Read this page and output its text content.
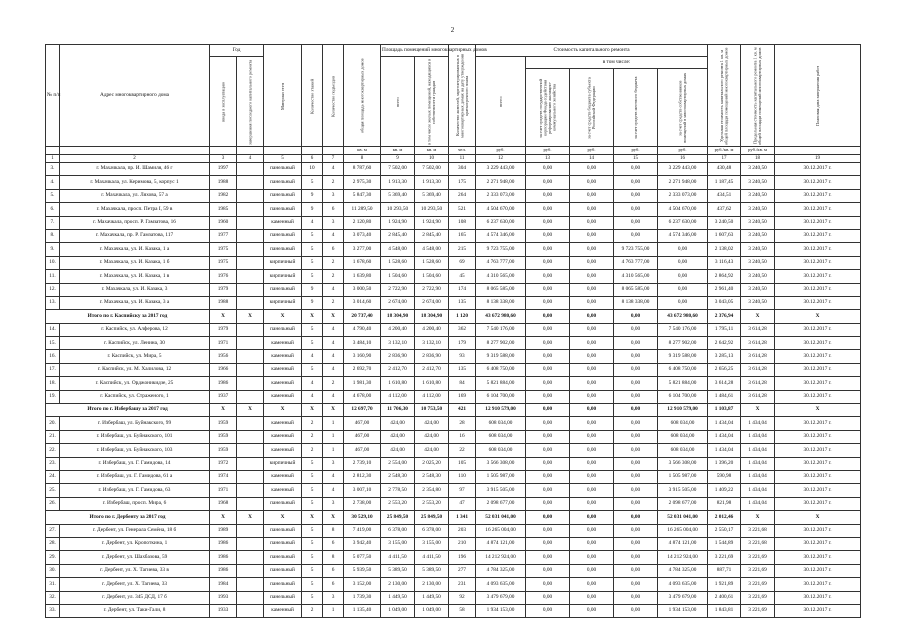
2
№ п/п	Адрес многоквартирного дома	Год		Материал стен	Количество этажей	Количество подъездов	общая площадь многоквартирных домов	Площадь помещений многоквартирных домов		Количество жителей, зарегистрированных в многоквартирных домах на дату утверждения краткосрочного плана	Стоимость капитального ремонта					Удельная стоимость капитального ремонта 1 кв. м общей площади помещений многоквартирных домов	Предельная стоимость капитального ремонта 1 кв. м общей площади помещений многоквартирных домов	Плановая дата завершения работ
		ввода в эксплуатацию	завершения последнего капитального ремонта					всего	в том числе жилых помещений, находящихся в собственности граждан		всего:	в том числе:						
												за счет средств государственной корпорации Фонда содействия реформированию жилищно-коммунального хозяйства	за счет средств бюджета субъекта Российской Федерации	за счет средств местного бюджета	за счет средств собственников помещений в многоквартирных домах			
							кв. м	кв. м	кв. м	чел.	руб.	руб.	руб.	руб.	руб.	руб./кв. м	руб./кв. м	
1	2	3	4	5	6	7	8	9	10	11	12	13	14	15	16	17	18	19
3.	г. Махачкала, пр. И. Шамиля, 46 г	1997		панельный	10	4	8 787,60	7 502,00	7 502,00	304	3 229 443,00	0,00	0,00	0,00	3 229 443,00	430,48	3 240,50	30.12.2017 г.
4.	г. Махачкала, ул. Керимова, 5, корпус 1	1988		панельный	5	2	2 975,30	1 913,30	1 913,30	175	2 271 948,00	0,00	0,00	0,00	2 271 948,00	1 187,45	3 240,50	30.12.2017 г.
5.	г. Махачкала, ул. Ляхова, 57 а	1982		панельный	9	3	5 847,30	5 369,40	5 369,40	264	2 333 073,00	0,00	0,00	0,00	2 333 073,00	434,51	3 240,50	30.12.2017 г.
6.	г. Махачкала, просп. Петра I, 59 в	1985		панельный	9	6	11 289,50	10 293,50	10 293,50	521	4 504 670,00	0,00	0,00	0,00	4 504 670,00	437,62	3 240,50	30.12.2017 г.
7.	г. Махачкала, просп. Р. Гамзатова, 16	1960		каменный	4	3	2 120,80	1 924,90	1 924,90	108	6 237 630,00	0,00	0,00	0,00	6 237 630,00	3 240,50	3 240,50	30.12.2017 г.
8.	г. Махачкала, пр. Р. Гамзатова, 117	1977		панельный	5	4	3 073,40	2 845,40	2 845,40	165	4 574 346,00	0,00	0,00	0,00	4 574 346,00	1 607,63	3 240,50	30.12.2017 г.
9.	г. Махачкала, ул. И. Казака, 1 а	1975		панельный	5	6	3 277,00	4 548,00	4 548,00	215	9 723 755,00	0,00	0,00	9 723 755,00	0,00	2 138,02	3 240,50	30.12.2017 г.
10.	г. Махачкала, ул. И. Казака, 1 б	1975		кирпичный	5	2	1 678,60	1 528,60	1 528,60	69	4 763 777,00	0,00	0,00	4 763 777,00	0,00	3 116,43	3 240,50	30.12.2017 г.
11.	г. Махачкала, ул. И. Казака, 1 в	1976		кирпичный	5	2	1 639,80	1 504,60	1 504,60	45	4 310 565,00	0,00	0,00	4 310 565,00	0,00	2 864,92	3 240,50	30.12.2017 г.
12.	г. Махачкала, ул. И. Казака, 3	1979		панельный	9	4	3 000,50	2 722,90	2 722,90	174	8 065 585,00	0,00	0,00	8 065 585,00	0,00	2 961,40	3 240,50	30.12.2017 г.
13.	г. Махачкала, ул. И. Казака, 3 а	1988		кирпичный	9	2	3 014,60	2 674,00	2 674,00	135	8 138 338,00	0,00	0,00	8 138 338,00	0,00	3 043,05	3 240,50	30.12.2017 г.
Итого по г. Каспийску за 2017 год		X	X	X	X	X	20 737,40	18 304,90	18 304,90	1 120	43 672 980,60	0,00	0,00	0,00	43 672 980,60	2 376,94	X	X
14.	г. Каспийск, ул. Алферова, 12	1979		панельный	5	4	4 790,40	4 200,40	4 200,40	362	7 540 176,00	0,00	0,00	0,00	7 540 176,00	1 795,11	3 614,28	30.12.2017 г.
15.	г. Каспийск, ул. Ленина, 30	1971		каменный	5	4	3 484,10	3 132,10	3 132,10	179	8 277 902,00	0,00	0,00	0,00	8 277 902,00	2 642,92	3 614,28	30.12.2017 г.
16.	г. Каспийск, ул. Мира, 5	1956		каменный	4	4	3 160,90	2 836,90	2 836,90	93	9 319 588,00	0,00	0,00	0,00	9 319 588,00	3 285,13	3 614,28	30.12.2017 г.
17.	г. Каспийск, ул. М. Халилова, 12	1966		каменный	5	4	2 692,70	2 412,70	2 412,70	135	6 408 750,00	0,00	0,00	0,00	6 408 750,00	2 656,25	3 614,28	30.12.2017 г.
18.	г. Каспийск, ул. Орджоникидзе, 25	1986		каменный	4	2	1 981,30	1 610,80	1 610,80	84	5 821 884,00	0,00	0,00	0,00	5 821 884,00	3 614,28	3 614,28	30.12.2017 г.
19.	г. Каспийск, ул. Страженого, 1	1937		каменный	4	4	4 678,00	4 112,00	4 112,00	169	6 104 700,00	0,00	0,00	0,00	6 104 700,00	1 484,61	3 614,28	30.12.2017 г.
Итого по г. Избербашу за 2017 год		X	X	X	X	X	12 697,70	11 706,30	10 753,50	421	12 910 579,00	0,00	0,00	0,00	12 910 579,00	1 103,87	X	X
20.	г. Избербаш, ул. Буйнакского, 99	1959		каменный	2	1	467,00	424,00	424,00	28	608 034,00	0,00	0,00	0,00	608 034,00	1 434,04	1 434,04	30.12.2017 г.
21.	г. Избербаш, ул. Буйнакского, 101	1959		каменный	2	1	467,00	424,00	424,00	16	608 034,00	0,00	0,00	0,00	608 034,00	1 434,04	1 434,04	30.12.2017 г.
22.	г. Избербаш, ул. Буйнакского, 103	1959		каменный	2	1	467,00	424,00	424,00	22	608 034,00	0,00	0,00	0,00	608 034,00	1 434,04	1 434,04	30.12.2017 г.
23.	г. Избербаш, ул. Г. Гамидова, 14	1972		кирпичный	5	3	2 739,10	2 554,00	2 025,20	105	3 566 308,00	0,00	0,00	0,00	3 566 308,00	1 396,20	1 434,04	30.12.2017 г.
24.	г. Избербаш, ул. Г. Гамидова, 61 а	1974		каменный	5	4	2 812,30	2 548,30	2 548,30	110	1 505 987,00	0,00	0,00	0,00	1 505 987,00	590,98	1 434,04	30.12.2017 г.
25.	г. Избербаш, ул. Г. Гамидова, 63	1971		каменный	5	4	3 007,10	2 778,50	2 354,80	97	3 915 505,00	0,00	0,00	0,00	3 915 505,00	1 409,22	1 434,04	30.12.2017 г.
26.	г. Избербаш, просп. Мира, 6	1968		панельный	5	3	2 738,00	2 553,20	2 553,20	47	2 098 677,00	0,00	0,00	0,00	2 098 677,00	821,98	1 434,04	30.12.2017 г.
Итого по г. Дербенту за 2017 год		X	X	X	X	X	30 529,10	25 849,50	25 849,50	1 341	52 031 041,00	0,00	0,00	0,00	52 031 041,00	2 012,46	X	X
27.	г. Дербент, ул. Генерала Семёна, 18 б	1989		панельный	5	8	7 419,00	6 378,00	6 378,00	203	16 265 004,00	0,00	0,00	0,00	16 265 004,00	2 550,17	3 221,68	30.12.2017 г.
28.	г. Дербент, ул. Кропоткина, 1	1986		панельный	5	6	3 942,40	3 155,00	3 155,00	210	4 874 121,00	0,00	0,00	0,00	4 874 121,00	1 544,89	3 221,68	30.12.2017 г.
29.	г. Дербент, ул. Шахбазова, 59	1986		панельный	5	8	5 077,50	4 411,50	4 411,50	196	14 212 924,00	0,00	0,00	0,00	14 212 924,00	3 221,69	3 221,69	30.12.2017 г.
30.	г. Дербент, ул. Х. Тагиева, 33 в	1986		панельный	5	6	5 939,50	5 389,50	5 389,50	277	4 784 325,00	0,00	0,00	0,00	4 784 325,00	887,71	3 221,69	30.12.2017 г.
31.	г. Дербент, ул. Х. Тагиева, 33	1984		панельный	5	6	3 152,00	2 130,00	2 130,00	231	4 093 635,00	0,00	0,00	0,00	4 093 635,00	1 921,89	3 221,69	30.12.2017 г.
32.	г. Дербент, ул. 345 ДСД, 17 б	1993		панельный	5	3	1 739,30	1 449,50	1 449,50	92	3 479 679,00	0,00	0,00	0,00	3 479 679,00	2 400,61	3 221,69	30.12.2017 г.
33.	г. Дербент, ул. Таки-Гали, 8	1933		каменный	2	1	1 135,40	1 049,00	1 049,00	58	1 934 153,00	0,00	0,00	0,00	1 934 153,00	1 843,81	3 221,69	30.12.2017 г.
